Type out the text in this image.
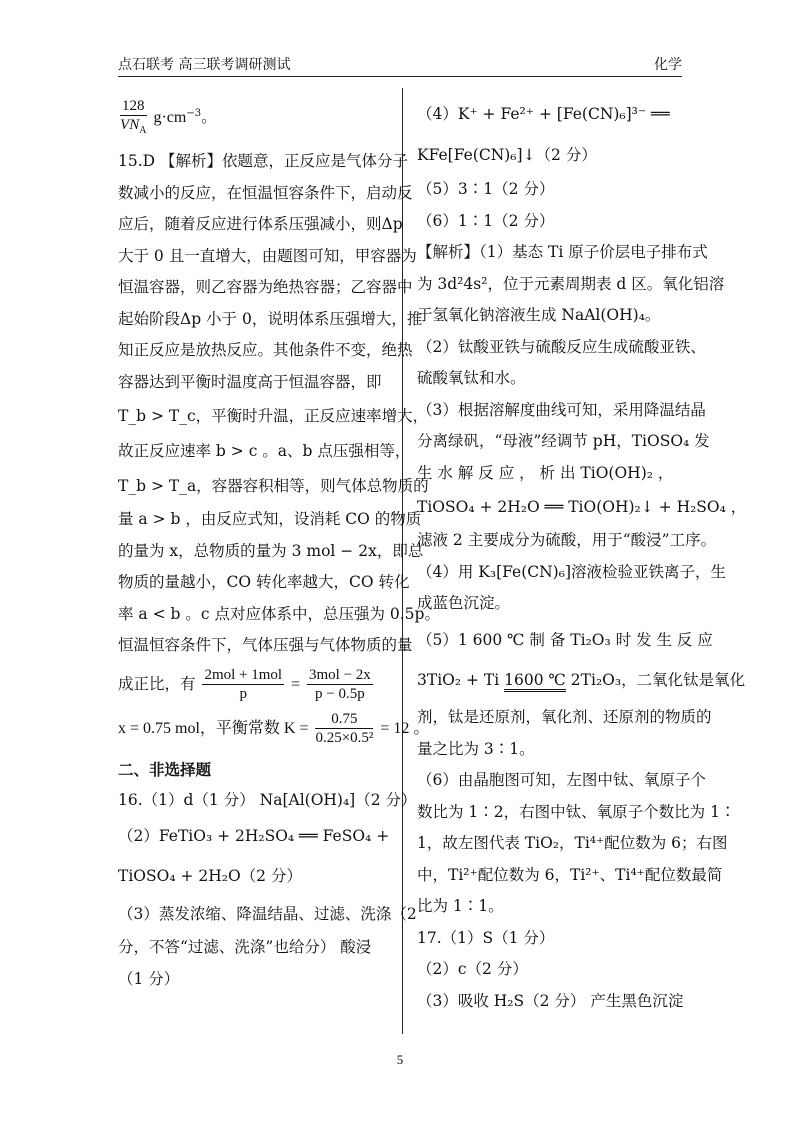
点石联考 高三联考调研测试	化学
$\frac{128}{VN_A} g\cdot cm^{-3}$。
15.D 【解析】依题意，正反应是气体分子
数减小的反应，在恒温恒容条件下，启动反
应后，随着反应进行体系压强减小，则Δp
大于 0 且一直增大，由题图可知，甲容器为
恒温容器，则乙容器为绝热容器；乙容器中
起始阶段Δp 小于 0，说明体系压强增大，推
知正反应是放热反应。其他条件不变，绝热
容器达到平衡时温度高于恒温容器，即
T_b > T_c，平衡时升温，正反应速率增大，
故正反应速率 b > c 。a、b 点压强相等，
T_b > T_a，容器容积相等，则气体总物质的
量 a > b ，由反应式知，设消耗 CO 的物质
的量为 x，总物质的量为 3 mol − 2x，即总
物质的量越小，CO 转化率越大，CO 转化
率 a < b 。c 点对应体系中，总压强为 0.5p。
恒温恒容条件下，气体压强与气体物质的量
成正比，有 $\frac{\text{2mol + 1mol}}{p} = \frac{\text{3mol − 2x}}{p - 0.5p}$
x = 0.75 mol，平衡常数 $K = \frac{0.75}{\text{0.25×0.5²}} = 12$ 。
二、非选择题
16.（1）d（1 分） Na[Al(OH)₄]（2 分）
（2）FeTiO₃ + 2H₂SO₄ ══ FeSO₄ +
TiOSO₄ + 2H₂O（2 分）
（3）蒸发浓缩、降温结晶、过滤、洗涤（2
分，不答“过滤、洗涤”也给分） 酸浸
（1 分）
（4）K⁺ + Fe²⁺ + [Fe(CN)₆]³⁻ ══
KFe[Fe(CN)₆]↓（2 分）
（5）3∶1（2 分）
（6）1∶1（2 分）
【解析】（1）基态 Ti 原子价层电子排布式
为 3d²4s²，位于元素周期表 d 区。氧化铝溶
于氢氧化钠溶液生成 NaAl(OH)₄。
（2）钛酸亚铁与硫酸反应生成硫酸亚铁、
硫酸氧钛和水。
（3）根据溶解度曲线可知，采用降温结晶
分离绿矾，“母液”经调节 pH，TiOSO₄ 发
生 水 解 反 应 ， 析 出 TiO(OH)₂ ，
TiOSO₄ + 2H₂O ══ TiO(OH)₂↓ + H₂SO₄ ，
滤液 2 主要成分为硫酸，用于“酸浸”工序。
（4）用 K₃[Fe(CN)₆]溶液检验亚铁离子，生
成蓝色沉淀。
（5）1 600 ℃ 制 备 Ti₂O₃ 时 发 生 反 应
3TiO₂ + Ti 1600 ℃ 2Ti₂O₃，二氧化钛是氧化
剂，钛是还原剂，氧化剂、还原剂的物质的
量之比为 3∶1。
（6）由晶胞图可知，左图中钛、氧原子个
数比为 1∶2，右图中钛、氧原子个数比为 1∶
1，故左图代表 TiO₂，Ti⁴⁺配位数为 6；右图
中，Ti²⁺配位数为 6，Ti²⁺、Ti⁴⁺配位数最简
比为 1∶1。
17.（1）S（1 分）
（2）c（2 分）
（3）吸收 H₂S（2 分） 产生黑色沉淀
5
